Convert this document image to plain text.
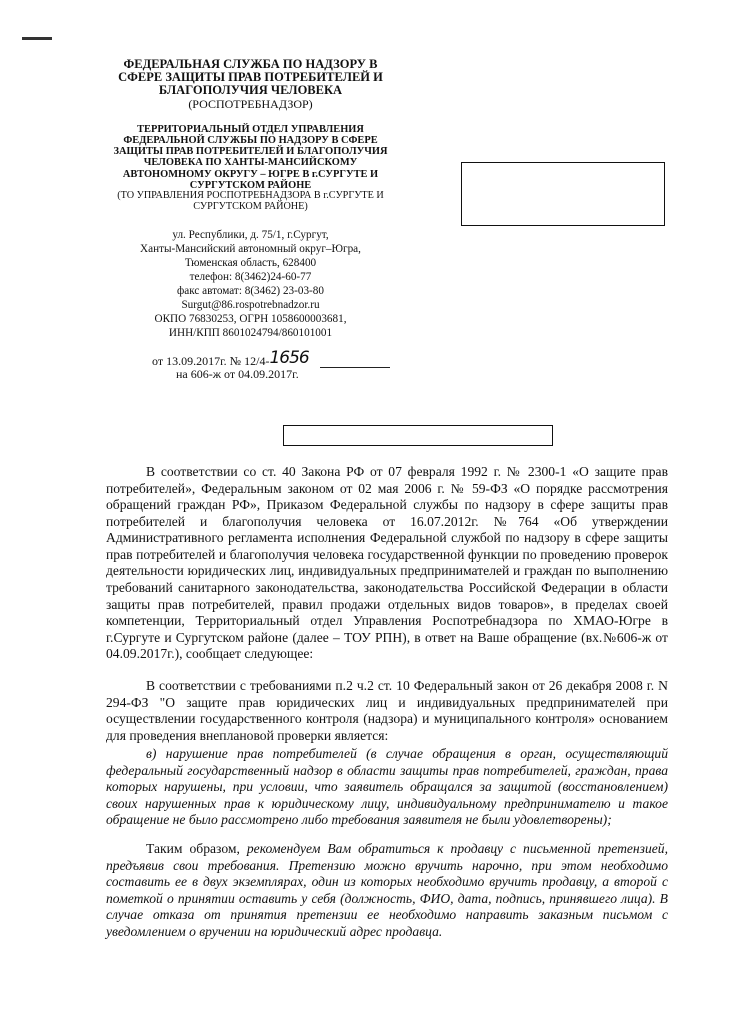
ФЕДЕРАЛЬНАЯ СЛУЖБА ПО НАДЗОРУ В СФЕРЕ ЗАЩИТЫ ПРАВ ПОТРЕБИТЕЛЕЙ И БЛАГОПОЛУЧИЯ ЧЕЛОВЕКА
(РОСПОТРЕБНАДЗОР)
ТЕРРИТОРИАЛЬНЫЙ ОТДЕЛ УПРАВЛЕНИЯ ФЕДЕРАЛЬНОЙ СЛУЖБЫ ПО НАДЗОРУ В СФЕРЕ ЗАЩИТЫ ПРАВ ПОТРЕБИТЕЛЕЙ И БЛАГОПОЛУЧИЯ ЧЕЛОВЕКА ПО ХАНТЫ-МАНСИЙСКОМУ АВТОНОМНОМУ ОКРУГУ – ЮГРЕ В г.СУРГУТЕ И СУРГУТСКОМ РАЙОНЕ
(ТО УПРАВЛЕНИЯ РОСПОТРЕБНАДЗОРА В г.СУРГУТЕ И СУРГУТСКОМ РАЙОНЕ)
ул. Республики, д. 75/1, г.Сургут,
Ханты-Мансийский автономный округ–Югра,
Тюменская область, 628400
телефон: 8(3462)24-60-77
факс автомат: 8(3462) 23-03-80
Surgut@86.rospotrebnadzor.ru
ОКПО 76830253, ОГРН 1058600003681,
ИНН/КПП 8601024794/860101001
от 13.09.2017г. № 12/4-1656
на 606-ж от 04.09.2017г.

В соответствии со ст. 40 Закона РФ от 07 февраля 1992 г. № 2300-1 «О защите прав потребителей», Федеральным законом от 02 мая 2006 г. № 59-ФЗ «О порядке рассмотрения обращений граждан РФ», Приказом Федеральной службы по надзору в сфере защиты прав потребителей и благополучия человека от 16.07.2012г. №764 «Об утверждении Административного регламента исполнения Федеральной службой по надзору в сфере защиты прав потребителей и благополучия человека государственной функции по проведению проверок деятельности юридических лиц, индивидуальных предпринимателей и граждан по выполнению требований санитарного законодательства, законодательства Российской Федерации в области защиты прав потребителей, правил продажи отдельных видов товаров», в пределах своей компетенции, Территориальный отдел Управления Роспотребнадзора по ХМАО-Югре в г.Сургуте и Сургутском районе (далее – ТОУ РПН), в ответ на Ваше обращение (вх.№606-ж от 04.09.2017г.), сообщает следующее:

В соответствии с требованиями п.2 ч.2 ст. 10 Федеральный закон от 26 декабря 2008 г. N 294-ФЗ "О защите прав юридических лиц и индивидуальных предпринимателей при осуществлении государственного контроля (надзора) и муниципального контроля» основанием для проведения внеплановой проверки является:

в) нарушение прав потребителей (в случае обращения в орган, осуществляющий федеральный государственный надзор в области защиты прав потребителей, граждан, права которых нарушены, при условии, что заявитель обращался за защитой (восстановлением) своих нарушенных прав к юридическому лицу, индивидуальному предпринимателю и такое обращение не было рассмотрено либо требования заявителя не были удовлетворены);

Таким образом, рекомендуем Вам обратиться к продавцу с письменной претензией, предъявив свои требования. Претензию можно вручить нарочно, при этом необходимо составить ее в двух экземплярах, один из которых необходимо вручить продавцу, а второй с пометкой о принятии оставить у себя (должность, ФИО, дата, подпись, принявшего лица). В случае отказа от принятия претензии ее необходимо направить заказным письмом с уведомлением о вручении на юридический адрес продавца.
